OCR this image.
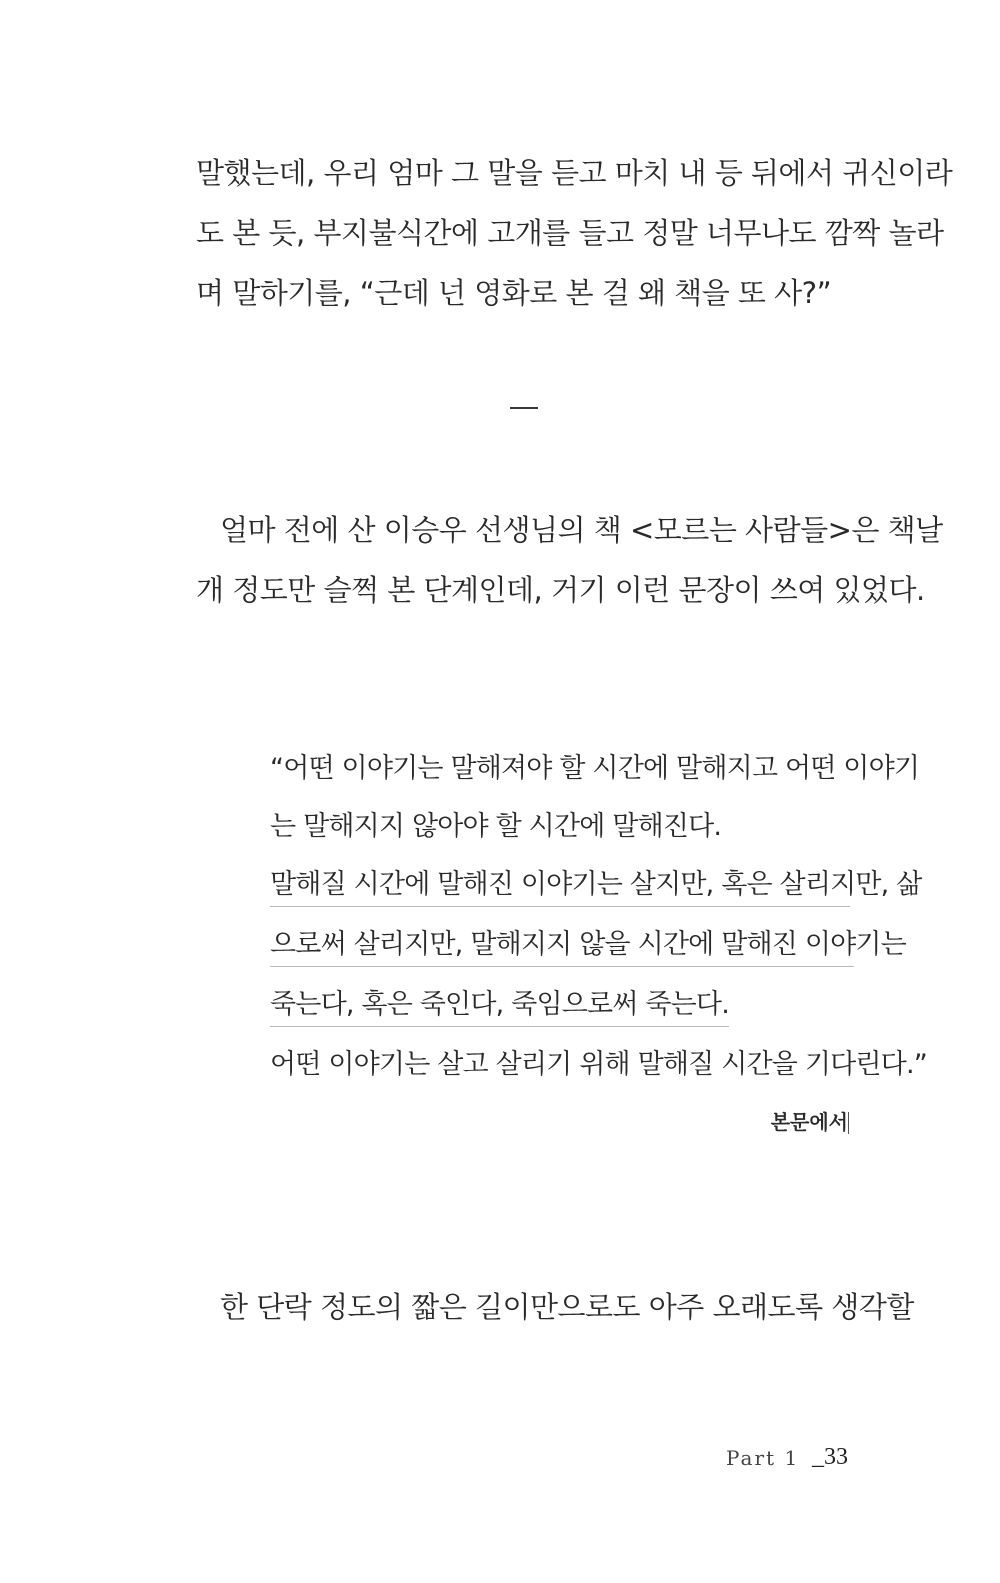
말했는데, 우리 엄마 그 말을 듣고 마치 내 등 뒤에서 귀신이라
도 본 듯, 부지불식간에 고개를 들고 정말 너무나도 깜짝 놀라
며 말하기를, “근데 넌 영화로 본 걸 왜 책을 또 사?”
얼마 전에 산 이승우 선생님의 책 <모르는 사람들>은 책날
개 정도만 슬쩍 본 단계인데, 거기 이런 문장이 쓰여 있었다.
“어떤 이야기는 말해져야 할 시간에 말해지고 어떤 이야기
는 말해지지 않아야 할 시간에 말해진다.
말해질 시간에 말해진 이야기는 살지만, 혹은 살리지만, 삶
으로써 살리지만, 말해지지 않을 시간에 말해진 이야기는
죽는다, 혹은 죽인다, 죽임으로써 죽는다.
어떤 이야기는 살고 살리기 위해 말해질 시간을 기다린다.”
본문에서
한 단락 정도의 짧은 길이만으로도 아주 오래도록 생각할
Part 1 _33
